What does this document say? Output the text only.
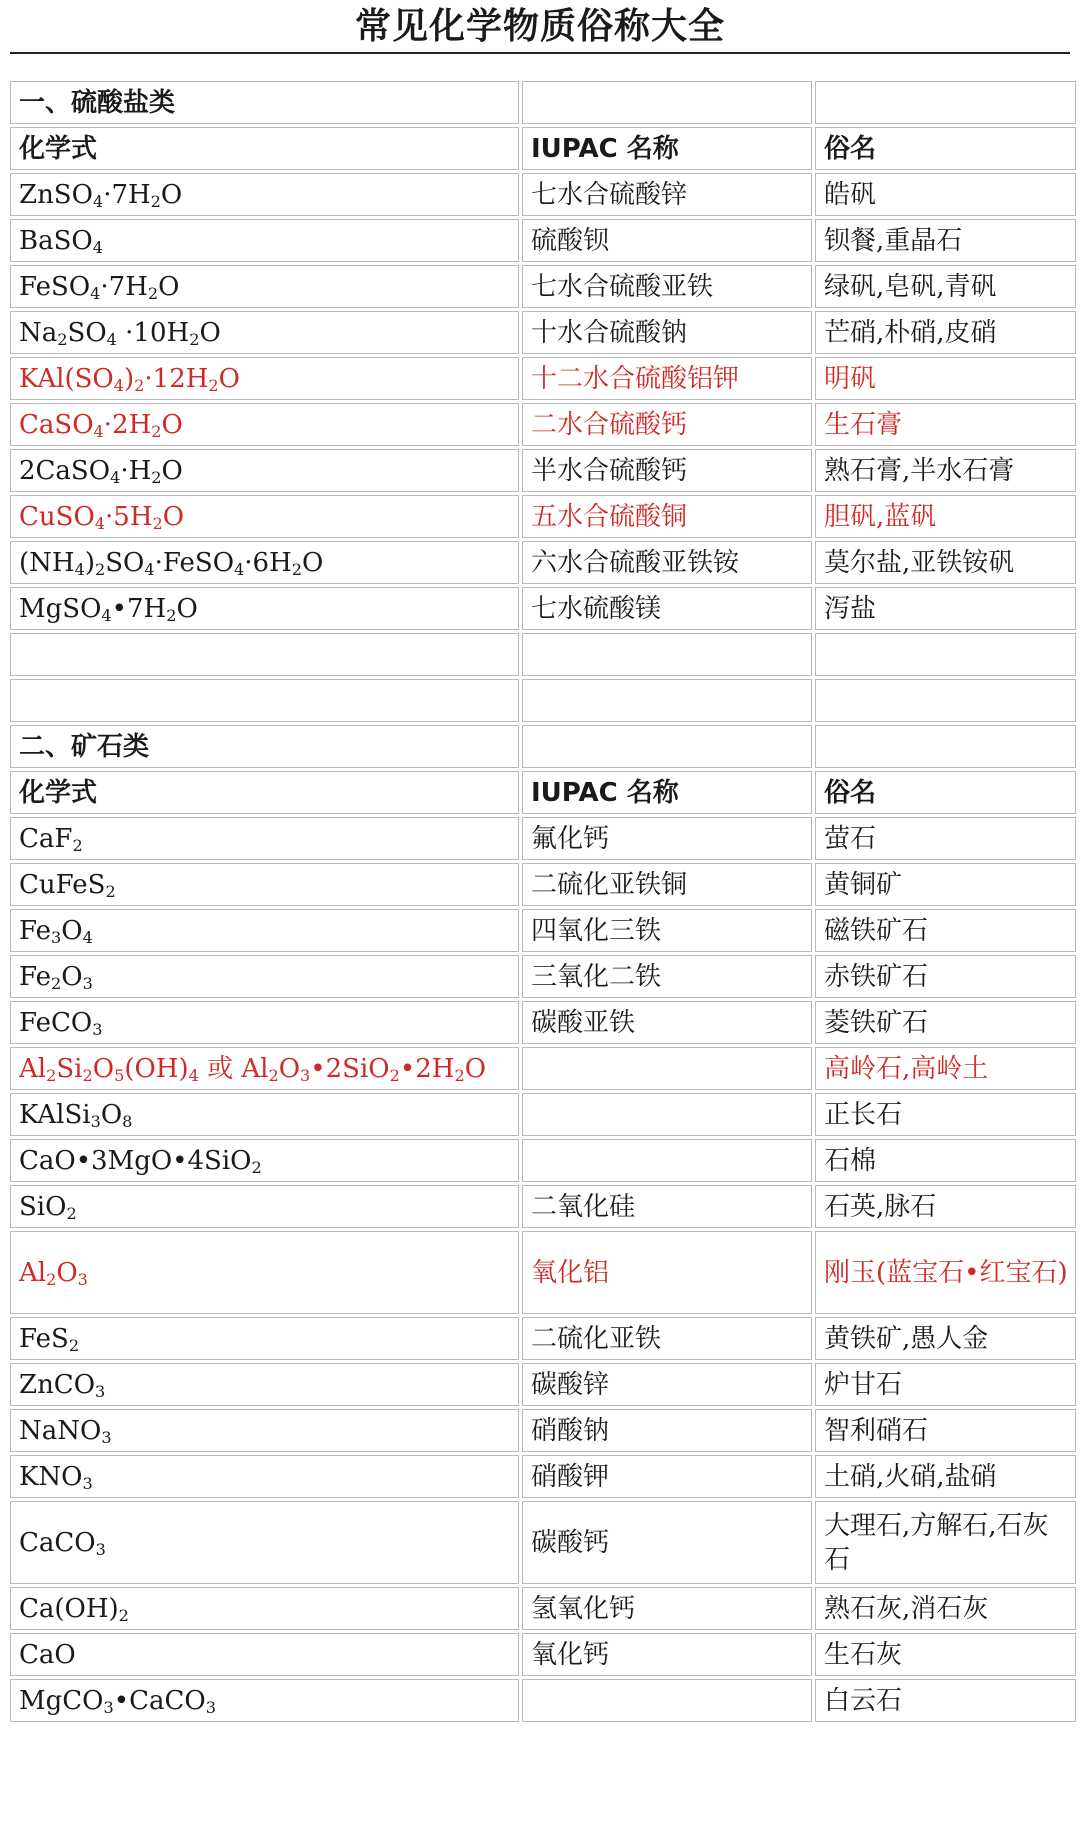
常见化学物质俗称大全
一、硫酸盐类		
化学式	IUPAC 名称	俗名
$ZnSO_4\cdot 7H_2O$	七水合硫酸锌	皓矾
BaSO$_4$	硫酸钡	钡餐,重晶石
$FeSO_4\cdot 7H_2O$	七水合硫酸亚铁	绿矾,皂矾,青矾
$Na_2SO_4 \cdot 10H_2O$	十水合硫酸钠	芒硝,朴硝,皮硝
$KAl(SO_4)_2\cdot 12H_2O$	十二水合硫酸铝钾	明矾
$CaSO_4\cdot 2H_2O$	二水合硫酸钙	生石膏
$2CaSO_4\cdot H_2O$	半水合硫酸钙	熟石膏,半水石膏
$CuSO_4\cdot 5H_2O$	五水合硫酸铜	胆矾,蓝矾
$(NH_4)_2SO_4\cdot FeSO_4\cdot 6H_2O$	六水合硫酸亚铁铵	莫尔盐,亚铁铵矾
$MgSO_4•7H_2O$	七水硫酸镁	泻盐

二、矿石类		
化学式	IUPAC 名称	俗名
CaF$_2$	氟化钙	萤石
CuFeS$_2$	二硫化亚铁铜	黄铜矿
$Fe_3O_4$	四氧化三铁	磁铁矿石
$Fe_2O_3$	三氧化二铁	赤铁矿石
FeCO$_3$	碳酸亚铁	菱铁矿石
$Al_2Si_2O_5(OH)_4$ 或 $Al_2O_3•2SiO_2•2H_2O$		高岭石,高岭土
$KAlSi_3O_8$		正长石
CaO•3MgO•4SiO$_2$		石棉
SiO$_2$	二氧化硅	石英,脉石
$Al_2O_3$	氧化铝	刚玉(蓝宝石•红宝石)
FeS$_2$	二硫化亚铁	黄铁矿,愚人金
ZnCO$_3$	碳酸锌	炉甘石
NaNO$_3$	硝酸钠	智利硝石
$KNO_3$	硝酸钾	土硝,火硝,盐硝
CaCO$_3$	碳酸钙	大理石,方解石,石灰石
$Ca(OH)_2$	氢氧化钙	熟石灰,消石灰
CaO	氧化钙	生石灰
MgCO$_3$•CaCO$_3$		白云石
